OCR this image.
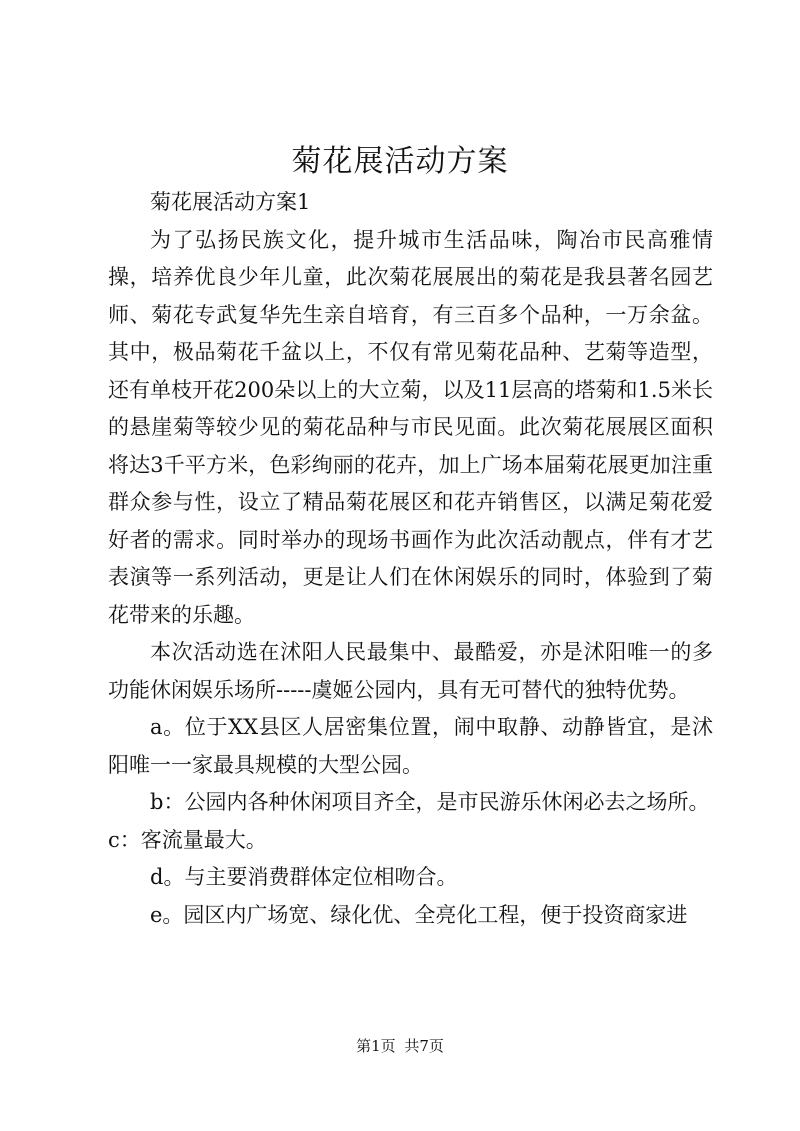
菊花展活动方案

菊花展活动方案1

为了弘扬民族文化，提升城市生活品味，陶冶市民高雅情操，培养优良少年儿童，此次菊花展展出的菊花是我县著名园艺师、菊花专武复华先生亲自培育，有三百多个品种，一万余盆。其中，极品菊花千盆以上，不仅有常见菊花品种、艺菊等造型，还有单枝开花200朵以上的大立菊，以及11层高的塔菊和1.5米长的悬崖菊等较少见的菊花品种与市民见面。此次菊花展展区面积将达3千平方米，色彩绚丽的花卉，加上广场本届菊花展更加注重群众参与性，设立了精品菊花展区和花卉销售区，以满足菊花爱好者的需求。同时举办的现场书画作为此次活动靓点，伴有才艺表演等一系列活动，更是让人们在休闲娱乐的同时，体验到了菊花带来的乐趣。

本次活动选在沭阳人民最集中、最酷爱，亦是沭阳唯一的多功能休闲娱乐场所-----虞姬公园内，具有无可替代的独特优势。

a。位于XX县区人居密集位置，闹中取静、动静皆宜，是沭阳唯一一家最具规模的大型公园。

b：公园内各种休闲项目齐全，是市民游乐休闲必去之场所。

c：客流量最大。

d。与主要消费群体定位相吻合。

e。园区内广场宽、绿化优、全亮化工程，便于投资商家进

第1页 共7页
